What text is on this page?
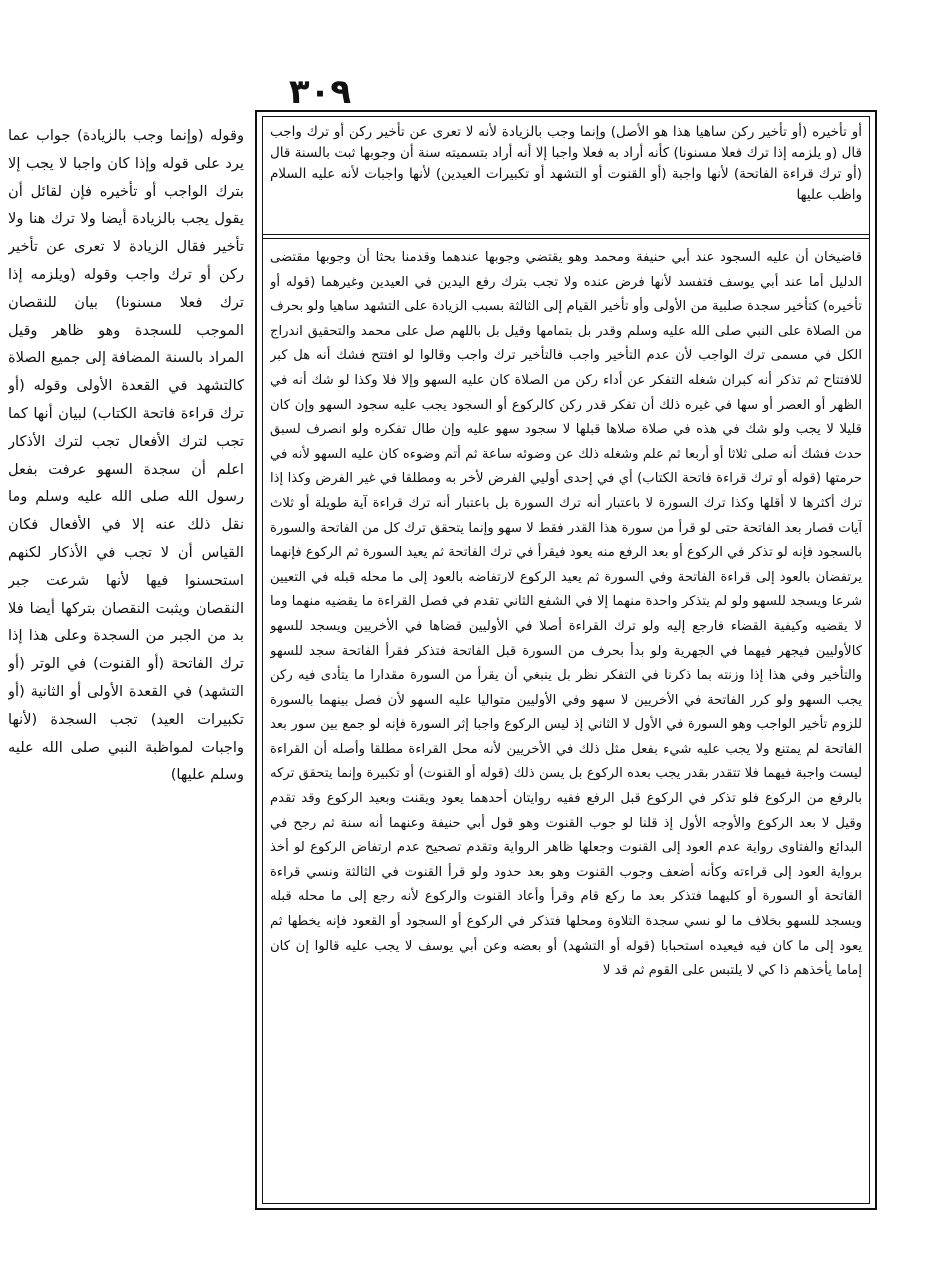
٣٠٩

أو تأخيره (أو تأخير ركن ساهيا هذا هو الأصل) وإنما وجب بالزيادة لأنه لا تعرى عن تأخير ركن أو ترك واجب قال (و يلزمه إذا ترك فعلا مسنونا) كأنه أراد به فعلا واجبا إلا أنه أراد بتسميته سنة أن وجوبها ثبت بالسنة قال (أو ترك قراءة الفاتحة) لأنها واجبة (أو القنوت أو التشهد أو تكبيرات العيدين) لأنها واجبات لأنه عليه السلام واظب عليها

قاضيخان أن عليه السجود عند أبي حنيفة ومحمد وهو يقتضي وجوبها عندهما وقدمنا بحثا أن وجوبها مقتضى الدليل أما عند أبي يوسف فتفسد لأنها فرض عنده ولا تجب بترك رفع اليدين في العيدين وغيرهما (قوله أو تأخيره) كتأخير سجدة صلبية من الأولى وأو تأخير القيام إلى الثالثة بسبب الزيادة على التشهد ساهيا ولو بحرف من الصلاة على النبي صلى الله عليه وسلم وقدر بل بتمامها وقيل بل باللهم صل على محمد والتحقيق اندراج الكل في مسمى ترك الواجب لأن عدم التأخير واجب فالتأخير ترك واجب وقالوا لو افتتح فشك أنه هل كبر للافتتاح ثم تذكر أنه كبران شغله التفكر عن أداء ركن من الصلاة كان عليه السهو وإلا فلا وكذا لو شك أنه في الظهر أو العصر أو سها في غيره ذلك أن تفكر قدر ركن كالركوع أو السجود يجب عليه سجود السهو وإن كان قليلا لا يجب ولو شك في هذه في صلاة صلاها قبلها لا سجود سهو عليه وإن طال تفكره ولو انصرف لسبق حدث فشك أنه صلى ثلاثا أو أربعا ثم علم وشغله ذلك عن وضوئه ساعة ثم أتم وضوءه كان عليه السهو لأنه في حرمتها (قوله أو ترك قراءة فاتحة الكتاب) أي في إحدى أوليي الفرض لأخر به ومطلقا في غير الفرض وكذا إذا ترك أكثرها لا أقلها وكذا ترك السورة لا باعتبار أنه ترك السورة بل باعتبار أنه ترك قراءة آية طويلة أو ثلاث آيات قصار بعد الفاتحة حتى لو قرأ من سورة هذا القدر فقط لا سهو وإنما يتحقق ترك كل من الفاتحة والسورة بالسجود فإنه لو تذكر في الركوع أو بعد الرفع منه يعود فيقرأ في ترك الفاتحة ثم يعيد السورة ثم الركوع فإنهما يرتفضان بالعود إلى قراءة الفاتحة وفي السورة ثم يعيد الركوع لارتفاضه بالعود إلى ما محله قبله في التعيين شرعا ويسجد للسهو ولو لم يتذكر واحدة منهما إلا في الشفع الثاني تقدم في فصل القراءة ما يقضيه منهما وما لا يقضيه وكيفية القضاء فارجع إليه ولو ترك القراءة أصلا في الأوليين قضاها في الأخريين ويسجد للسهو كالأوليين فيجهر فيهما في الجهرية ولو بدأ بحرف من السورة قبل الفاتحة فتذكر فقرأ الفاتحة سجد للسهو والتأخير وفي هذا إذا وزنته بما ذكرنا في التفكر نظر بل ينبغي أن يقرأ من السورة مقدارا ما يتأدى فيه ركن يجب السهو ولو كرر الفاتحة في الأخريين لا سهو وفي الأوليين متواليا عليه السهو لأن فصل بينهما بالسورة للزوم تأخير الواجب وهو السورة في الأول لا الثاني إذ ليس الركوع واجبا إثر السورة فإنه لو جمع بين سور بعد الفاتحة لم يمتنع ولا يجب عليه شيء بفعل مثل ذلك في الأخريين لأنه محل القراءة مطلقا وأصله أن القراءة ليست واجبة فيهما فلا تتقدر بقدر يجب بعده الركوع بل يسن ذلك (قوله أو القنوت) أو تكبيرة وإنما يتحقق تركه بالرفع من الركوع فلو تذكر في الركوع قبل الرفع ففيه روايتان أحدهما يعود ويقنت وبعيد الركوع وقد تقدم وقيل لا بعد الركوع والأوجه الأول إذ قلنا لو جوب القنوت وهو قول أبي حنيفة وعنهما أنه سنة ثم رجح في البدائع والفتاوى رواية عدم العود إلى القنوت وجعلها ظاهر الرواية وتقدم تصحيح عدم ارتفاض الركوع لو أخذ برواية العود إلى قراءته وكأنه أضعف وجوب القنوت وهو بعد حدود ولو قرأ القنوت في الثالثة ونسي قراءة الفاتحة أو السورة أو كليهما فتذكر بعد ما ركع قام وقرأ وأعاد القنوت والركوع لأنه رجع إلى ما محله قبله ويسجد للسهو بخلاف ما لو نسي سجدة التلاوة ومحلها فتذكر في الركوع أو السجود أو القعود فإنه يخطها ثم يعود إلى ما كان فيه فيعيده استحبابا (قوله أو التشهد) أو بعضه وعن أبي يوسف لا يجب عليه قالوا إن كان إماما يأخذهم ذا كي لا يلتبس على القوم ثم قد لا

وقوله (وإنما وجب بالزيادة) جواب عما يرد على قوله وإذا كان واجبا لا يجب إلا بترك الواجب أو تأخيره فإن لقائل أن يقول يجب بالزيادة أيضا ولا ترك هنا ولا تأخير فقال الزيادة لا تعرى عن تأخير ركن أو ترك واجب وقوله (ويلزمه إذا ترك فعلا مسنونا) بيان للنقصان الموجب للسجدة وهو ظاهر وقيل المراد بالسنة المضافة إلى جميع الصلاة كالتشهد في القعدة الأولى وقوله (أو ترك قراءة فاتحة الكتاب) لبيان أنها كما تجب لترك الأفعال تجب لترك الأذكار اعلم أن سجدة السهو عرفت بفعل رسول الله صلى الله عليه وسلم وما نقل ذلك عنه إلا في الأفعال فكان القياس أن لا تجب في الأذكار لكنهم استحسنوا فيها لأنها شرعت جبر النقصان ويثبت النقصان بتركها أيضا فلا بد من الجبر من السجدة وعلى هذا إذا ترك الفاتحة (أو القنوت) في الوتر (أو التشهد) في القعدة الأولى أو الثانية (أو تكبيرات العيد) تجب السجدة (لأنها واجبات لمواظبة النبي صلى الله عليه وسلم عليها)
